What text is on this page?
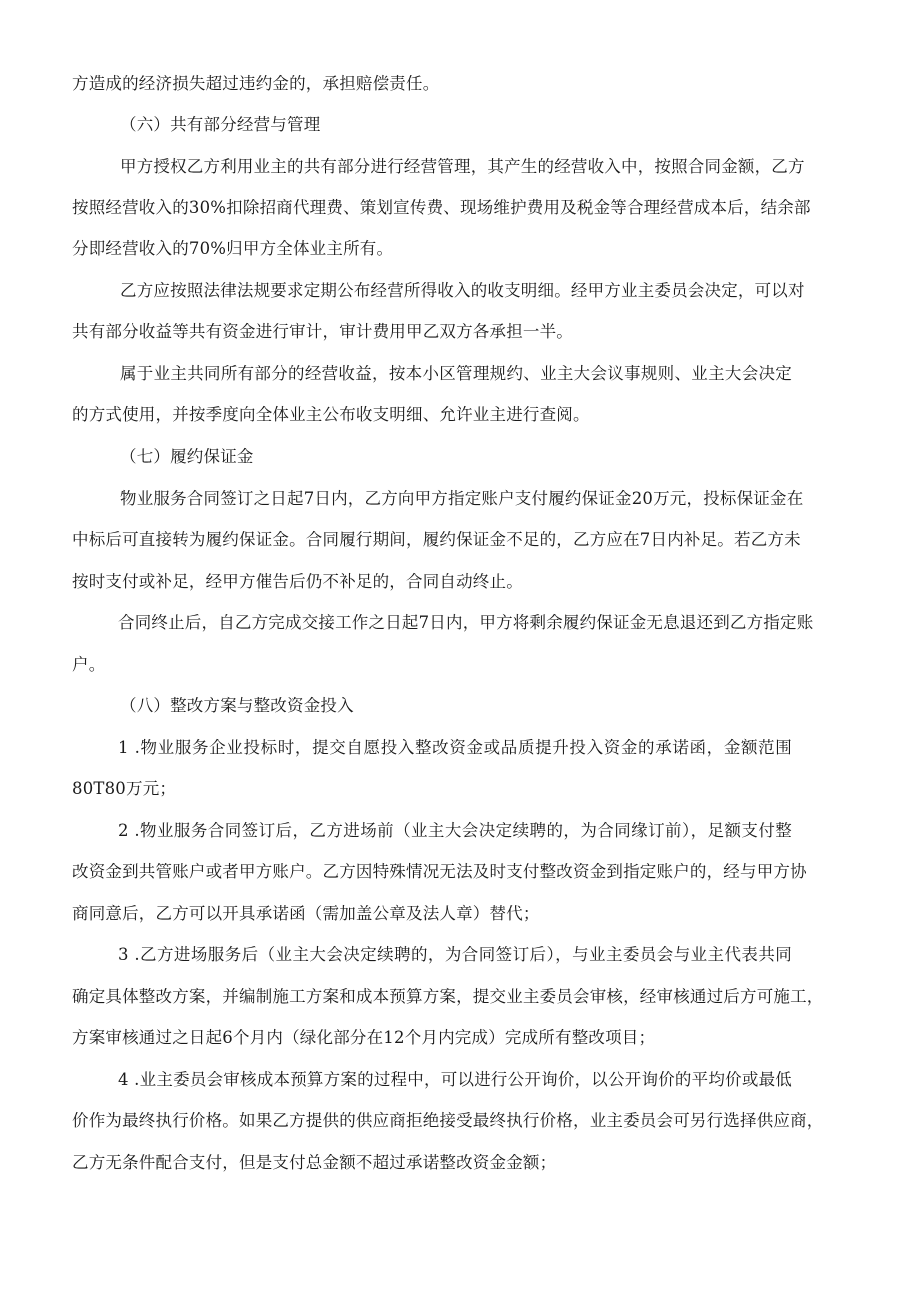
方造成的经济损失超过违约金的，承担赔偿责任。
（六）共有部分经营与管理
甲方授权乙方利用业主的共有部分进行经营管理，其产生的经营收入中，按照合同金额，乙方
按照经营收入的30%扣除招商代理费、策划宣传费、现场维护费用及税金等合理经营成本后，结余部
分即经营收入的70%归甲方全体业主所有。
乙方应按照法律法规要求定期公布经营所得收入的收支明细。经甲方业主委员会决定，可以对
共有部分收益等共有资金进行审计，审计费用甲乙双方各承担一半。
属于业主共同所有部分的经营收益，按本小区管理规约、业主大会议事规则、业主大会决定
的方式使用，并按季度向全体业主公布收支明细、允许业主进行查阅。
（七）履约保证金
物业服务合同签订之日起7日内，乙方向甲方指定账户支付履约保证金20万元，投标保证金在
中标后可直接转为履约保证金。合同履行期间，履约保证金不足的，乙方应在7日内补足。若乙方未
按时支付或补足，经甲方催告后仍不补足的，合同自动终止。
合同终止后，自乙方完成交接工作之日起7日内，甲方将剩余履约保证金无息退还到乙方指定账
户。
（八）整改方案与整改资金投入
1 .物业服务企业投标时，提交自愿投入整改资金或品质提升投入资金的承诺函，金额范围
80T80万元；
2 .物业服务合同签订后，乙方进场前（业主大会决定续聘的，为合同缘订前），足额支付整
改资金到共管账户或者甲方账户。乙方因特殊情况无法及时支付整改资金到指定账户的，经与甲方协
商同意后，乙方可以开具承诺函（需加盖公章及法人章）替代；
3 .乙方进场服务后（业主大会决定续聘的，为合同签订后），与业主委员会与业主代表共同
确定具体整改方案，并编制施工方案和成本预算方案，提交业主委员会审核，经审核通过后方可施工，
方案审核通过之日起6个月内（绿化部分在12个月内完成）完成所有整改项目；
4 .业主委员会审核成本预算方案的过程中，可以进行公开询价，以公开询价的平均价或最低
价作为最终执行价格。如果乙方提供的供应商拒绝接受最终执行价格，业主委员会可另行选择供应商，
乙方无条件配合支付，但是支付总金额不超过承诺整改资金金额；
